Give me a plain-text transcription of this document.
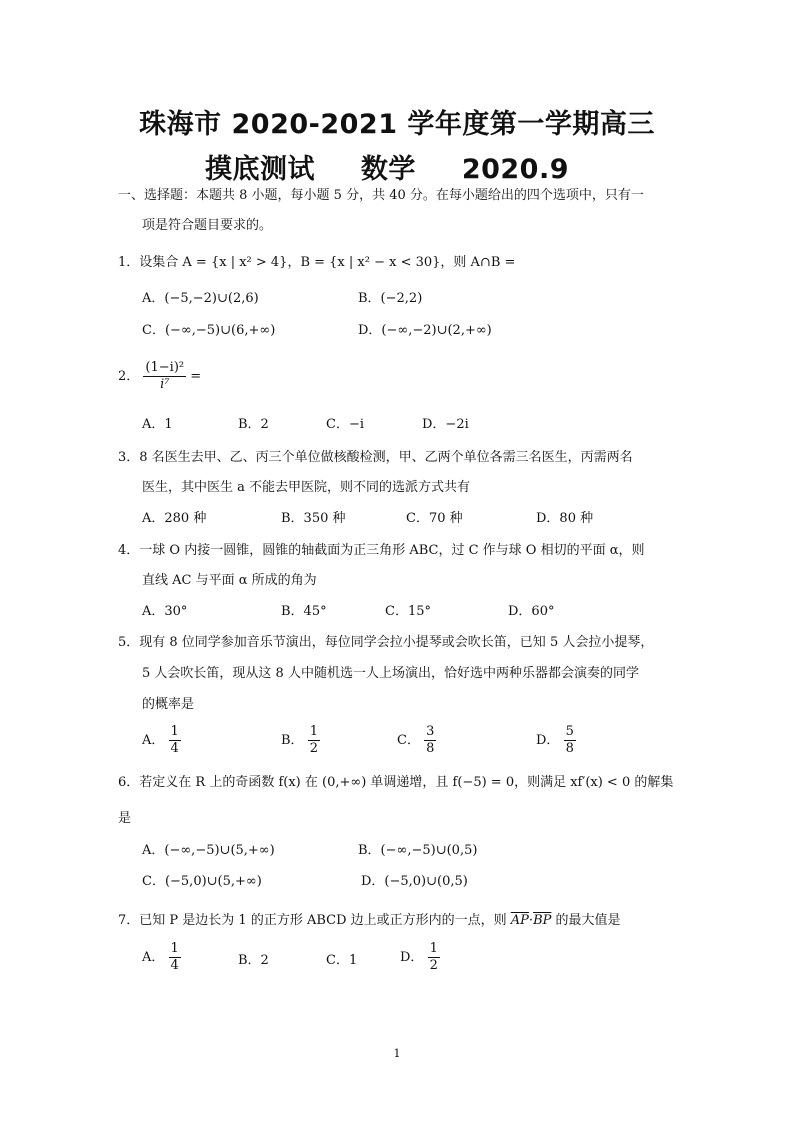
珠海市 2020-2021 学年度第一学期高三
摸底测试 数学 2020.9
一、选择题：本题共 8 小题，每小题 5 分，共 40 分。在每小题给出的四个选项中，只有一
项是符合题目要求的。
1．设集合 A = {x | x² > 4}，B = {x | x² − x < 30}，则 A∩B =
A．(−5,−2)∪(2,6)	B．(−2,2)
C．(−∞,−5)∪(6,+∞)	D．(−∞,−2)∪(2,+∞)
2． $\frac{\text{(1−i)²}}{\text{i⁷}}$ =
A．1	B．2	C．−i	D．−2i
3．8 名医生去甲、乙、丙三个单位做核酸检测，甲、乙两个单位各需三名医生，丙需两名
医生，其中医生 a 不能去甲医院，则不同的选派方式共有
A．280 种	B．350 种	C．70 种	D．80 种
4．一球 O 内接一圆锥，圆锥的轴截面为正三角形 ABC，过 C 作与球 O 相切的平面 α，则
直线 AC 与平面 α 所成的角为
A．30°	B．45°	C．15°	D．60°
5．现有 8 位同学参加音乐节演出，每位同学会拉小提琴或会吹长笛，已知 5 人会拉小提琴，
5 人会吹长笛，现从这 8 人中随机选一人上场演出，恰好选中两种乐器都会演奏的同学
的概率是
A． $\frac{1}{4}$	B． $\frac{1}{2}$	C． $\frac{3}{8}$	D． $\frac{5}{8}$
6．若定义在 R 上的奇函数 f(x) 在 (0,+∞) 单调递增，且 f(−5) = 0，则满足 xf′(x) < 0 的解集
是
A．(−∞,−5)∪(5,+∞)	B．(−∞,−5)∪(0,5)
C．(−5,0)∪(5,+∞)	D．(−5,0)∪(0,5)
7．已知 P 是边长为 1 的正方形 ABCD 边上或正方形内的一点，则 $\overline{AP}\cdot\overline{BP}$ 的最大值是
A． $\frac{1}{4}$	B．2	C．1	D． $\frac{1}{2}$
1
